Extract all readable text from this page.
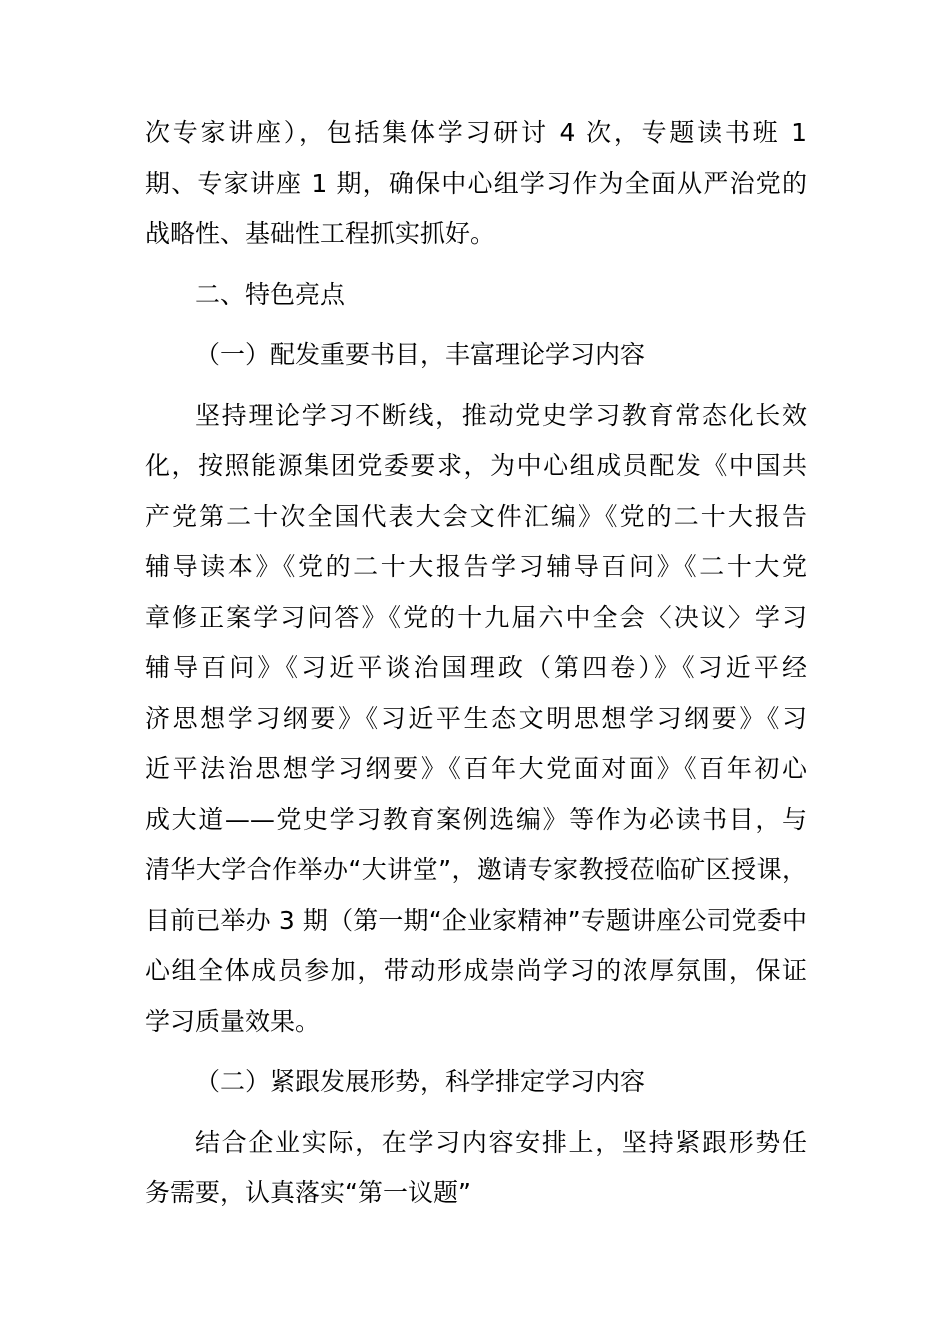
次专家讲座），包括集体学习研讨 4 次，专题读书班 1
期、专家讲座 1 期，确保中心组学习作为全面从严治党的
战略性、基础性工程抓实抓好。
二、特色亮点
（一）配发重要书目，丰富理论学习内容
坚持理论学习不断线，推动党史学习教育常态化长效
化，按照能源集团党委要求，为中心组成员配发《中国共
产党第二十次全国代表大会文件汇编》《党的二十大报告
辅导读本》《党的二十大报告学习辅导百问》《二十大党
章修正案学习问答》《党的十九届六中全会〈决议〉学习
辅导百问》《习近平谈治国理政（第四卷）》《习近平经
济思想学习纲要》《习近平生态文明思想学习纲要》《习
近平法治思想学习纲要》《百年大党面对面》《百年初心
成大道——党史学习教育案例选编》等作为必读书目，与
清华大学合作举办“大讲堂”，邀请专家教授莅临矿区授课，
目前已举办 3 期（第一期“企业家精神”专题讲座公司党委中
心组全体成员参加，带动形成崇尚学习的浓厚氛围，保证
学习质量效果。
（二）紧跟发展形势，科学排定学习内容
结合企业实际，在学习内容安排上，坚持紧跟形势任
务需要，认真落实“第一议题”
